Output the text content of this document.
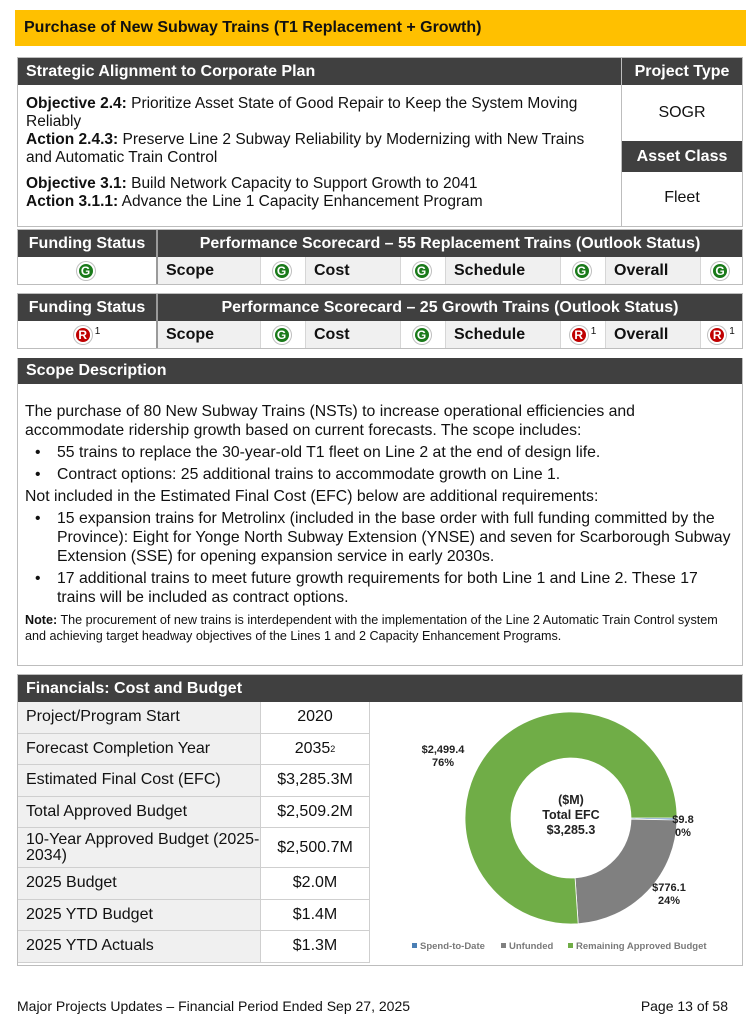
Purchase of New Subway Trains (T1 Replacement + Growth)
Strategic Alignment to Corporate Plan

Objective 2.4: Prioritize Asset State of Good Repair to Keep the System Moving Reliably

Action 2.4.3: Preserve Line 2 Subway Reliability by Modernizing with New Trains and Automatic Train Control

Objective 3.1: Build Network Capacity to Support Growth to 2041

Action 3.1.1: Advance the Line 1 Capacity Enhancement Program

Project Type
SOGR
Asset Class
Fleet
Funding Status	Performance Scorecard – 55 Replacement Trains (Outlook Status)
G	Scope	G	Cost	G	Schedule	G	Overall	G
Funding Status	Performance Scorecard – 25 Growth Trains (Outlook Status)
R 1	Scope	G	Cost	G	Schedule	R 1	Overall	R 1
Scope Description

The purchase of 80 New Subway Trains (NSTs) to increase operational efficiencies and accommodate ridership growth based on current forecasts. The scope includes:

• 55 trains to replace the 30-year-old T1 fleet on Line 2 at the end of design life.
• Contract options: 25 additional trains to accommodate growth on Line 1.

Not included in the Estimated Final Cost (EFC) below are additional requirements:

• 15 expansion trains for Metrolinx (included in the base order with full funding committed by the Province): Eight for Yonge North Subway Extension (YNSE) and seven for Scarborough Subway Extension (SSE) for opening expansion service in early 2030s.
• 17 additional trains to meet future growth requirements for both Line 1 and Line 2. These 17 trains will be included as contract options.

Note: The procurement of new trains is interdependent with the implementation of the Line 2 Automatic Train Control system and achieving target headway objectives of the Lines 1 and 2 Capacity Enhancement Programs.

Financials: Cost and Budget
Project/Program Start	2020
Forecast Completion Year	2035 2
Estimated Final Cost (EFC)	$3,285.3M
Total Approved Budget	$2,509.2M
10-Year Approved Budget (2025-2034)	$2,500.7M
2025 Budget	$2.0M
2025 YTD Budget	$1.4M
2025 YTD Actuals	$1.3M
($M)
Total EFC
$3,285.3
$2,499.4
76%
$9.8
0%
$776.1
24%
Spend-to-Date	Unfunded Remaining Approved Budget
Major Projects Updates – Financial Period Ended Sep 27, 2025	Page 13 of 58
